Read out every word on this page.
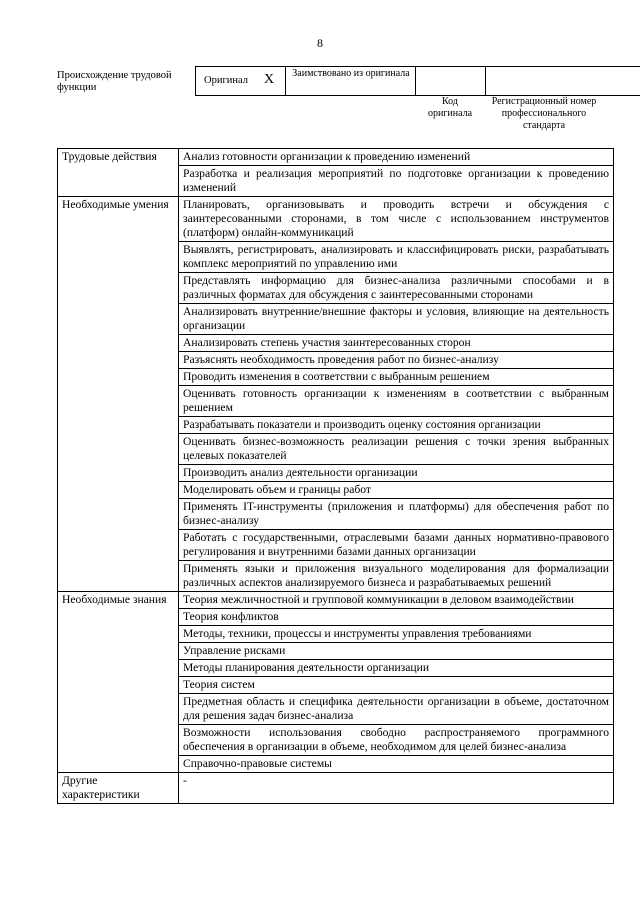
8
Происхождение трудовой функции
Оригинал X	Заимствовано из оригинала
Код оригинала
Регистрационный номер профессионального стандарта
Трудовые действия	Анализ готовности организации к проведению изменений
	Разработка и реализация мероприятий по подготовке организации к проведению изменений
Необходимые умения	Планировать, организовывать и проводить встречи и обсуждения с заинтересованными сторонами, в том числе с использованием инструментов (платформ) онлайн-коммуникаций
	Выявлять, регистрировать, анализировать и классифицировать риски, разрабатывать комплекс мероприятий по управлению ими
	Представлять информацию для бизнес-анализа различными способами и в различных форматах для обсуждения с заинтересованными сторонами
	Анализировать внутренние/внешние факторы и условия, влияющие на деятельность организации
	Анализировать степень участия заинтересованных сторон
	Разъяснять необходимость проведения работ по бизнес-анализу
	Проводить изменения в соответствии с выбранным решением
	Оценивать готовность организации к изменениям в соответствии с выбранным решением
	Разрабатывать показатели и производить оценку состояния организации
	Оценивать бизнес-возможность реализации решения с точки зрения выбранных целевых показателей
	Производить анализ деятельности организации
	Моделировать объем и границы работ
	Применять IT-инструменты (приложения и платформы) для обеспечения работ по бизнес-анализу
	Работать с государственными, отраслевыми базами данных нормативно-правового регулирования и внутренними базами данных организации
	Применять языки и приложения визуального моделирования для формализации различных аспектов анализируемого бизнеса и разрабатываемых решений
Необходимые знания	Теория межличностной и групповой коммуникации в деловом взаимодействии
	Теория конфликтов
	Методы, техники, процессы и инструменты управления требованиями
	Управление рисками
	Методы планирования деятельности организации
	Теория систем
	Предметная область и специфика деятельности организации в объеме, достаточном для решения задач бизнес-анализа
	Возможности использования свободно распространяемого программного обеспечения в организации в объеме, необходимом для целей бизнес-анализа
	Справочно-правовые системы
Другие характеристики	-
